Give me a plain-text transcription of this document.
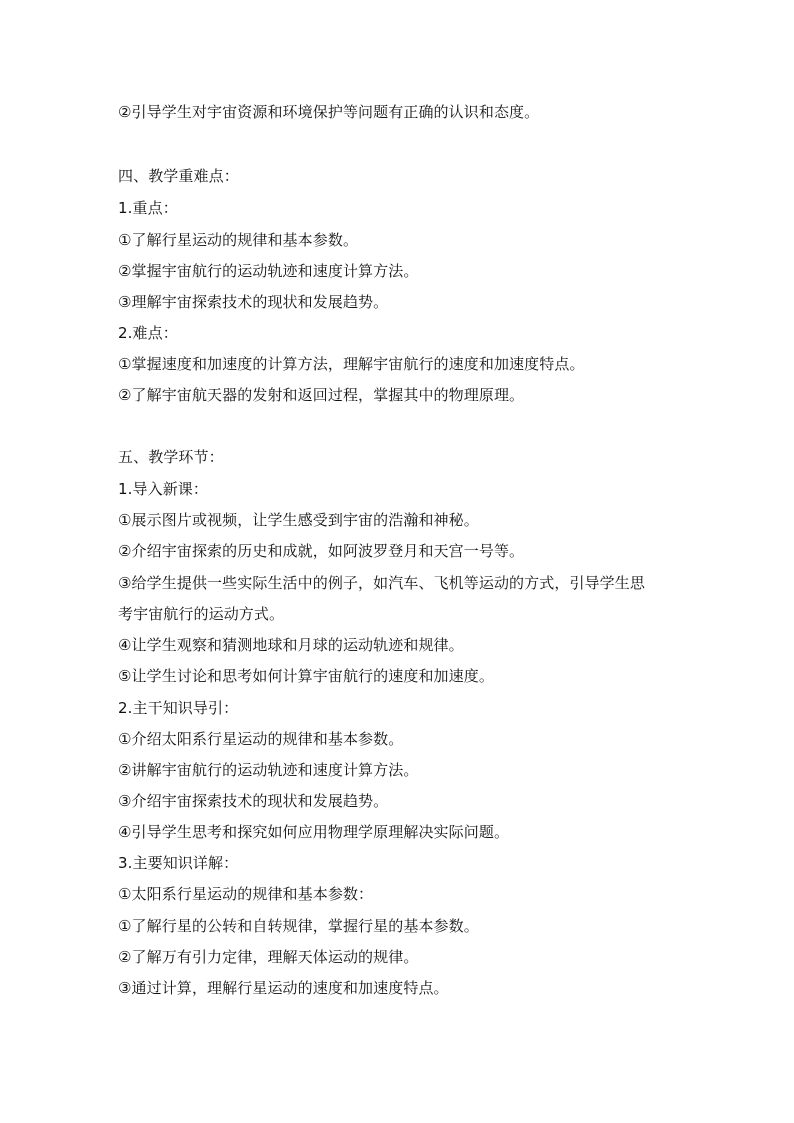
②引导学生对宇宙资源和环境保护等问题有正确的认识和态度。
四、教学重难点：
1.重点：
①了解行星运动的规律和基本参数。
②掌握宇宙航行的运动轨迹和速度计算方法。
③理解宇宙探索技术的现状和发展趋势。
2.难点：
①掌握速度和加速度的计算方法，理解宇宙航行的速度和加速度特点。
②了解宇宙航天器的发射和返回过程，掌握其中的物理原理。
五、教学环节：
1.导入新课：
①展示图片或视频，让学生感受到宇宙的浩瀚和神秘。
②介绍宇宙探索的历史和成就，如阿波罗登月和天宫一号等。
③给学生提供一些实际生活中的例子，如汽车、飞机等运动的方式，引导学生思
考宇宙航行的运动方式。
④让学生观察和猜测地球和月球的运动轨迹和规律。
⑤让学生讨论和思考如何计算宇宙航行的速度和加速度。
2.主干知识导引：
①介绍太阳系行星运动的规律和基本参数。
②讲解宇宙航行的运动轨迹和速度计算方法。
③介绍宇宙探索技术的现状和发展趋势。
④引导学生思考和探究如何应用物理学原理解决实际问题。
3.主要知识详解：
①太阳系行星运动的规律和基本参数：
①了解行星的公转和自转规律，掌握行星的基本参数。
②了解万有引力定律，理解天体运动的规律。
③通过计算，理解行星运动的速度和加速度特点。
